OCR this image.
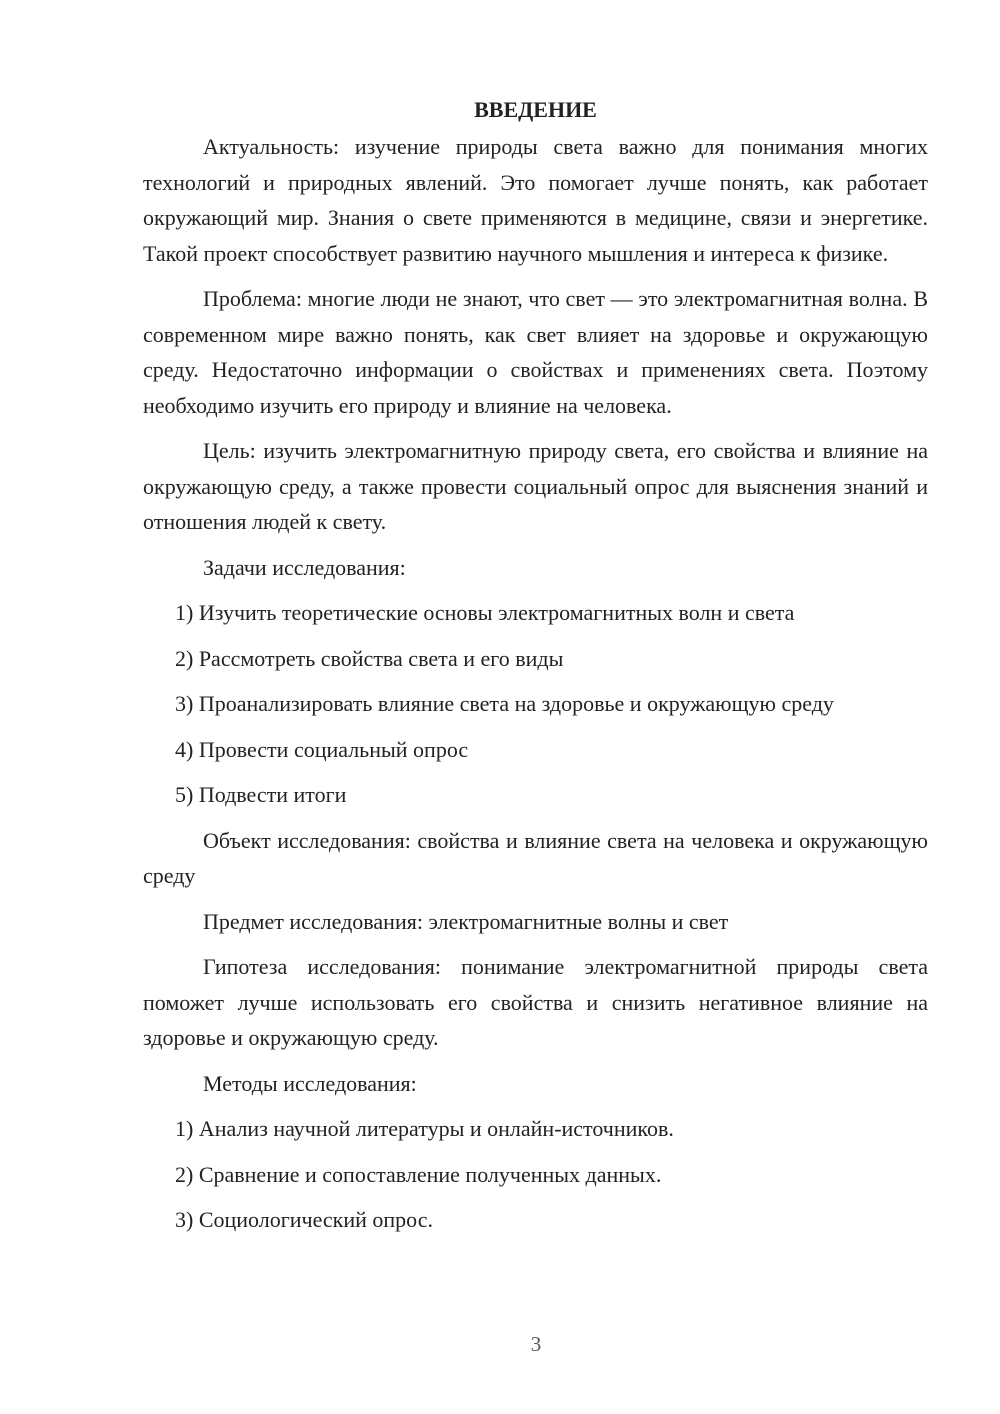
ВВЕДЕНИЕ

Актуальность: изучение природы света важно для понимания многих технологий и природных явлений. Это помогает лучше понять, как работает окружающий мир. Знания о свете применяются в медицине, связи и энергетике. Такой проект способствует развитию научного мышления и интереса к физике.

Проблема: многие люди не знают, что свет — это электромагнитная волна. В современном мире важно понять, как свет влияет на здоровье и окружающую среду. Недостаточно информации о свойствах и применениях света. Поэтому необходимо изучить его природу и влияние на человека.

Цель: изучить электромагнитную природу света, его свойства и влияние на окружающую среду, а также провести социальный опрос для выяснения знаний и отношения людей к свету.

Задачи исследования:

1) Изучить теоретические основы электромагнитных волн и света
2) Рассмотреть свойства света и его виды
3) Проанализировать влияние света на здоровье и окружающую среду
4) Провести социальный опрос
5) Подвести итоги

Объект исследования: свойства и влияние света на человека и окружающую среду

Предмет исследования: электромагнитные волны и свет

Гипотеза исследования: понимание электромагнитной природы света поможет лучше использовать его свойства и снизить негативное влияние на здоровье и окружающую среду.

Методы исследования:

1) Анализ научной литературы и онлайн-источников.
2) Сравнение и сопоставление полученных данных.
3) Социологический опрос.
3
